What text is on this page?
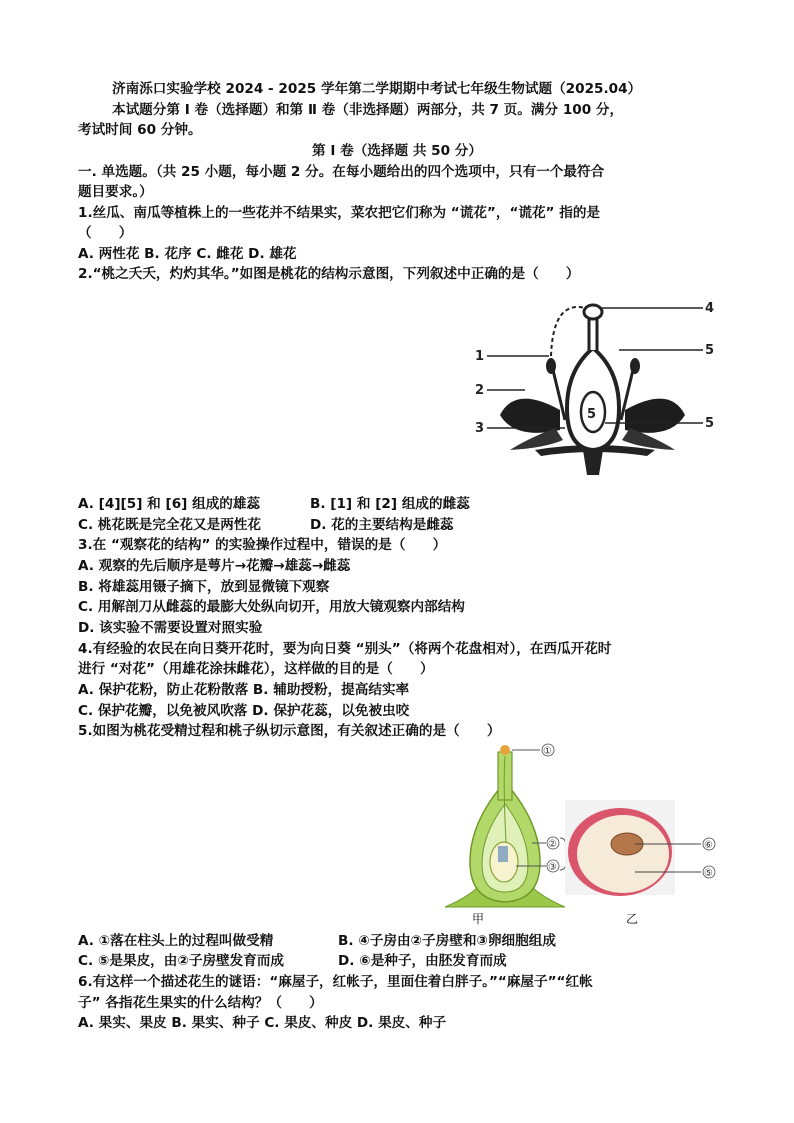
济南泺口实验学校 2024 - 2025 学年第二学期期中考试七年级生物试题（2025.04）
本试题分第 Ⅰ 卷（选择题）和第 Ⅱ 卷（非选择题）两部分，共 7 页。满分 100 分，
考试时间 60 分钟。
第 Ⅰ 卷（选择题 共 50 分）
一. 单选题。（共 25 小题，每小题 2 分。在每小题给出的四个选项中，只有一个最符合
题目要求。）
1.丝瓜、南瓜等植株上的一些花并不结果实，菜农把它们称为 “谎花”，“谎花” 指的是
（　　）
A. 两性花 B. 花序 C. 雌花 D. 雄花
2.“桃之夭夭，灼灼其华。”如图是桃花的结构示意图，下列叙述中正确的是（　　）
5
1
2
3
4
5
5
A. [4][5] 和 [6] 组成的雄蕊	B. [1] 和 [2] 组成的雌蕊
C. 桃花既是完全花又是两性花	D. 花的主要结构是雌蕊
3.在 “观察花的结构” 的实验操作过程中，错误的是（　　）
A. 观察的先后顺序是萼片→花瓣→雄蕊→雌蕊
B. 将雄蕊用镊子摘下，放到显微镜下观察
C. 用解剖刀从雌蕊的最膨大处纵向切开，用放大镜观察内部结构
D. 该实验不需要设置对照实验
4.有经验的农民在向日葵开花时，要为向日葵 “别头”（将两个花盘相对），在西瓜开花时
进行 “对花”（用雄花涂抹雌花），这样做的目的是（　　）
A. 保护花粉，防止花粉散落 B. 辅助授粉，提高结实率
C. 保护花瓣，以免被风吹落 D. 保护花蕊，以免被虫咬
5.如图为桃花受精过程和桃子纵切示意图，有关叙述正确的是（　　）
①
②
③
甲
⑥
⑤
乙
A. ①落在柱头上的过程叫做受精	B. ④子房由②子房壁和③卵细胞组成
C. ⑤是果皮，由②子房壁发育而成	D. ⑥是种子，由胚发育而成
6.有这样一个描述花生的谜语：“麻屋子，红帐子，里面住着白胖子。”“麻屋子”“红帐
子” 各指花生果实的什么结构？（　　）
A. 果实、果皮 B. 果实、种子 C. 果皮、种皮 D. 果皮、种子
